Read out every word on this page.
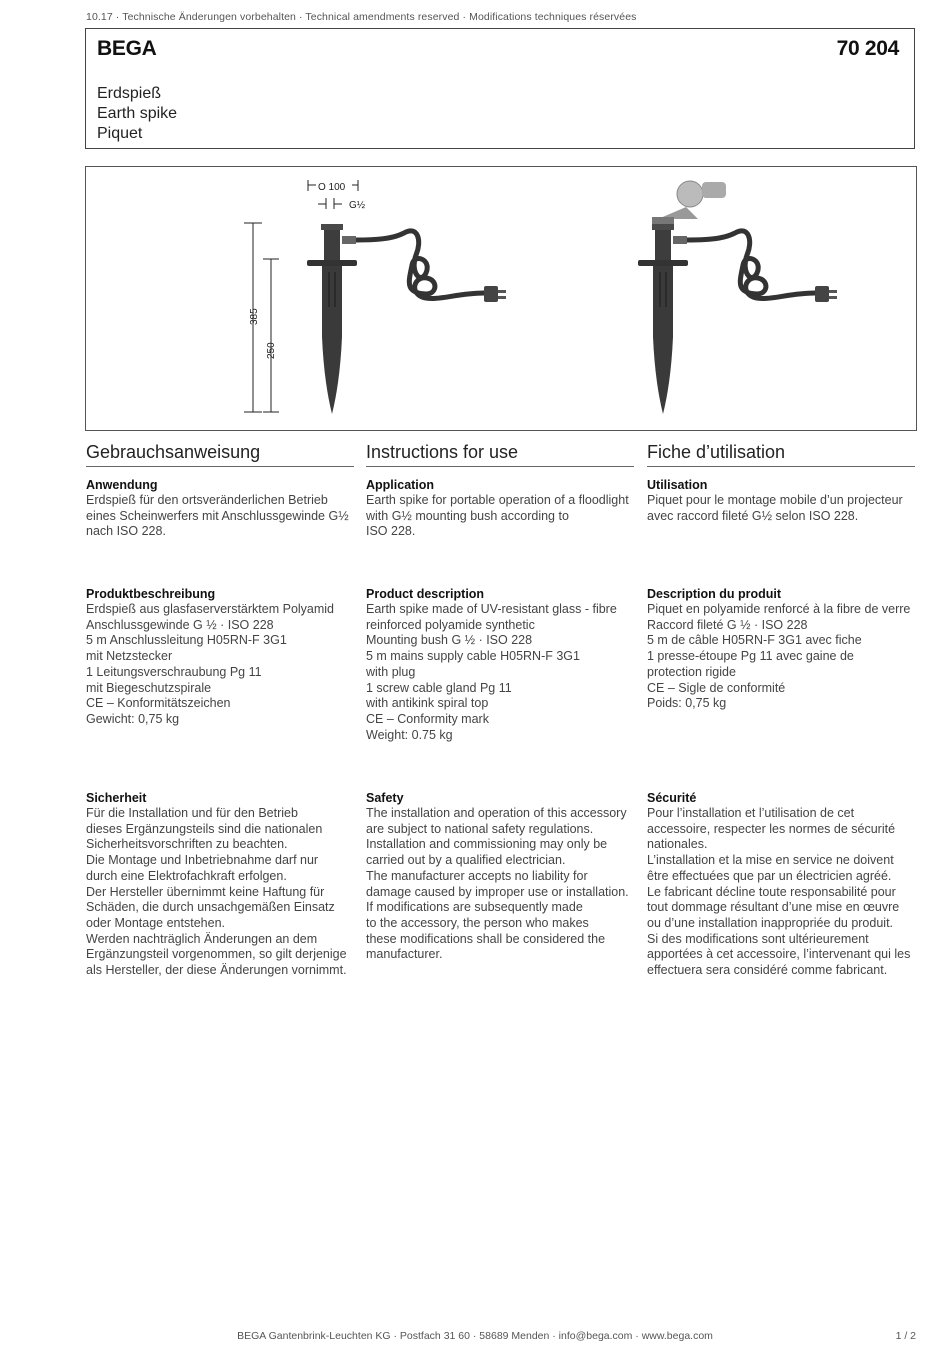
10.17 · Technische Änderungen vorbehalten · Technical amendments reserved · Modifications techniques réservées
BEGA	70 204
Erdspieß
Earth spike
Piquet
O 100
G½
385
250
Gebrauchsanweisung
Anwendung
Erdspieß für den ortsveränderlichen Betrieb
eines Scheinwerfers mit Anschlussgewinde G½
nach ISO 228.
Produktbeschreibung
Erdspieß aus glasfaserverstärktem Polyamid
Anschlussgewinde G ½ · ISO 228
5 m Anschlussleitung H05RN-F 3G1
mit Netzstecker
1 Leitungsverschraubung Pg 11
mit Biegeschutzspirale
CE – Konformitätszeichen
Gewicht: 0,75 kg
Sicherheit
Für die Installation und für den Betrieb
dieses Ergänzungsteils sind die nationalen
Sicherheitsvorschriften zu beachten.
Die Montage und Inbetriebnahme darf nur
durch eine Elektrofachkraft erfolgen.
Der Hersteller übernimmt keine Haftung für
Schäden, die durch unsachgemäßen Einsatz
oder Montage entstehen.
Werden nachträglich Änderungen an dem
Ergänzungsteil vorgenommen, so gilt derjenige
als Hersteller, der diese Änderungen vornimmt.
Instructions for use
Application
Earth spike for portable operation of a floodlight
with G½ mounting bush according to
ISO 228.
Product description
Earth spike made of UV-resistant glass - fibre
reinforced polyamide synthetic
Mounting bush G ½ · ISO 228
5 m mains supply cable H05RN-F 3G1
with plug
1 screw cable gland Pg 11
with antikink spiral top
CE – Conformity mark
Weight: 0.75 kg
Safety
The installation and operation of this accessory
are subject to national safety regulations.
Installation and commissioning may only be
carried out by a qualified electrician.
The manufacturer accepts no liability for
damage caused by improper use or installation.
If modifications are subsequently made
to the accessory, the person who makes
these modifications shall be considered the
manufacturer.
Fiche d’utilisation
Utilisation
Piquet pour le montage mobile d’un projecteur
avec raccord fileté G½ selon ISO 228.
Description du produit
Piquet en polyamide renforcé à la fibre de verre
Raccord fileté G ½ · ISO 228
5 m de câble H05RN-F 3G1 avec fiche
1 presse-étoupe Pg 11 avec gaine de
protection rigide
CE – Sigle de conformité
Poids: 0,75 kg
Sécurité
Pour l’installation et l’utilisation de cet
accessoire, respecter les normes de sécurité
nationales.
L’installation et la mise en service ne doivent
être effectuées que par un électricien agréé.
Le fabricant décline toute responsabilité pour
tout dommage résultant d’une mise en œuvre
ou d’une installation inappropriée du produit.
Si des modifications sont ultérieurement
apportées à cet accessoire, l’intervenant qui les
effectuera sera considéré comme fabricant.
BEGA Gantenbrink-Leuchten KG · Postfach 31 60 · 58689 Menden · info@bega.com · www.bega.com	1 / 2
